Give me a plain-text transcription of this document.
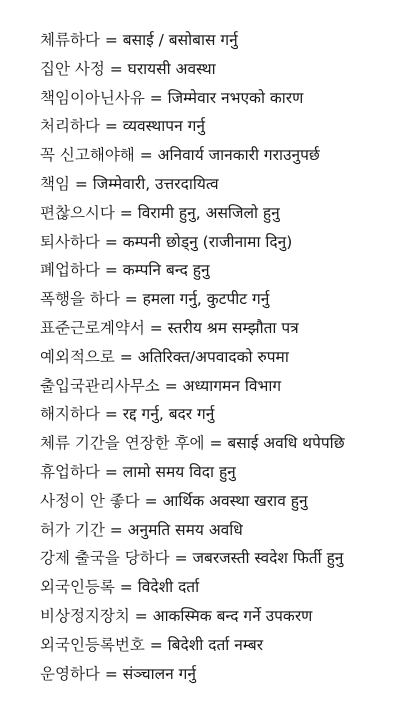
체류하다 = बसाई / बसोबास गर्नु
집안 사정 = घरायसी अवस्था
책임이아닌사유 = जिम्मेवार नभएको कारण
처리하다 = व्यवस्थापन गर्नु
꼭 신고해야해 = अनिवार्य जानकारी गराउनुपर्छ
책임 = जिम्मेवारी, उत्तरदायित्व
편찮으시다 = विरामी हुनु, असजिलो हुनु
퇴사하다 = कम्पनी छोड्नु (राजीनामा दिनु)
폐업하다 = कम्पनि बन्द हुनु
폭행을 하다 = हमला गर्नु, कुटपीट गर्नु
표준근로계약서 = स्तरीय श्रम सम्झौता पत्र
예외적으로 = अतिरिक्त/अपवादको रुपमा
출입국관리사무소 = अध्यागमन विभाग
해지하다 = रद्द गर्नु, बदर गर्नु
체류 기간을 연장한 후에 = बसाई अवधि थपेपछि
휴업하다 = लामो समय विदा हुनु
사정이 안 좋다 = आर्थिक अवस्था खराव हुनु
허가 기간 = अनुमति समय अवधि
강제 출국을 당하다 = जबरजस्ती स्वदेश फिर्ती हुनु
외국인등록 = विदेशी दर्ता
비상정지장치 = आकस्मिक बन्द गर्ने उपकरण
외국인등록번호 = बिदेशी दर्ता नम्बर
운영하다 = संञ्चालन गर्नु
